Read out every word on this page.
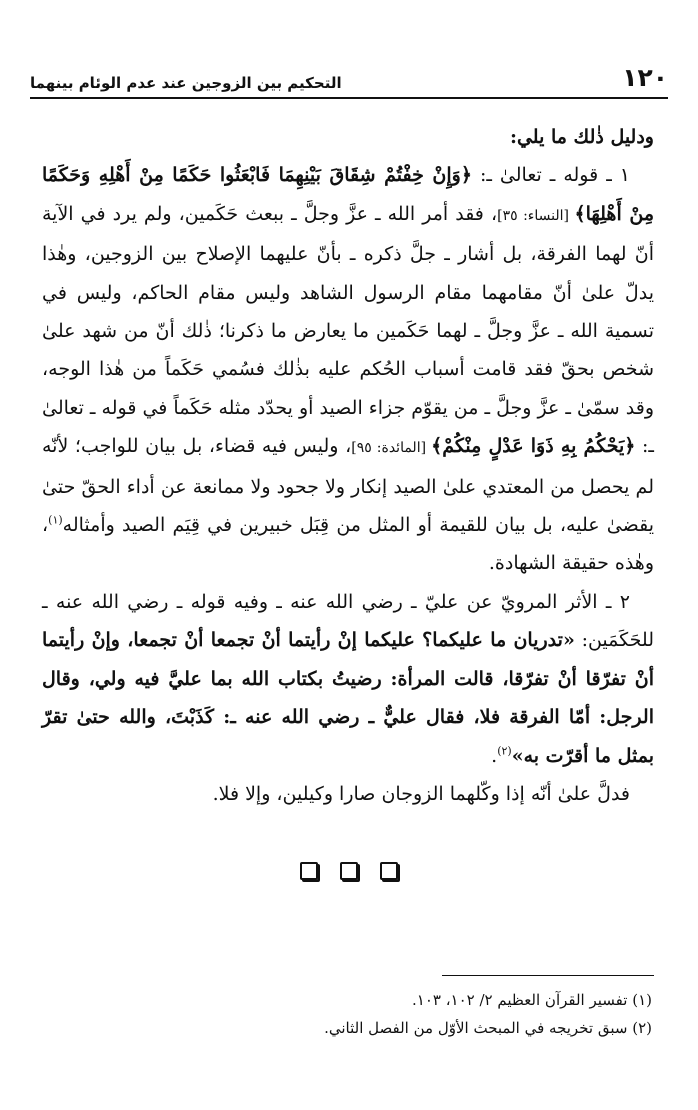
١٢٠
التحكيم بين الزوجين عند عدم الوئام بينهما

ودليل ذٰلك ما يلي:

١ ـ قوله ـ تعالىٰ ـ: ﴿وَإِنْ خِفْتُمْ شِقَاقَ بَيْنِهِمَا فَابْعَثُوا حَكَمًا مِنْ أَهْلِهِ وَحَكَمًا مِنْ أَهْلِهَا﴾ [النساء: ٣٥]، فقد أمر الله ـ عزَّ وجلَّ ـ ببعث حَكَمين، ولم يرد في الآية أنّ لهما الفرقة، بل أشار ـ جلَّ ذكره ـ بأنّ عليهما الإصلاح بين الزوجين، وهٰذا يدلّ علىٰ أنّ مقامهما مقام الرسول الشاهد وليس مقام الحاكم، وليس في تسمية الله ـ عزَّ وجلَّ ـ لهما حَكَمين ما يعارض ما ذكرنا؛ ذٰلك أنّ من شهد علىٰ شخص بحقّ فقد قامت أسباب الحُكم عليه بذٰلك فسُمي حَكَماً من هٰذا الوجه، وقد سمّىٰ ـ عزَّ وجلَّ ـ من يقوّم جزاء الصيد أو يحدّد مثله حَكَماً في قوله ـ تعالىٰ ـ: ﴿يَحْكُمُ بِهِ ذَوَا عَدْلٍ مِنْكُمْ﴾ [المائدة: ٩٥]، وليس فيه قضاء، بل بيان للواجب؛ لأنّه لم يحصل من المعتدي علىٰ الصيد إنكار ولا جحود ولا ممانعة عن أداء الحقّ حتىٰ يقضىٰ عليه، بل بيان للقيمة أو المثل من قِبَل خبيرين في قِيَم الصيد وأمثاله$^{(١)}$، وهٰذه حقيقة الشهادة.

٢ ـ الأثر المرويّ عن عليّ ـ رضي الله عنه ـ وفيه قوله ـ رضي الله عنه ـ للحَكَمَين: «تدريان ما عليكما؟ عليكما إنْ رأيتما أنْ تجمعا أنْ تجمعا، وإنْ رأيتما أنْ تفرّقا أنْ تفرّقا، قالت المرأة: رضيتُ بكتاب الله بما عليَّ فيه ولي، وقال الرجل: أمّا الفرقة فلا، فقال عليٌّ ـ رضي الله عنه ـ: كَذَبْتَ، والله حتىٰ تقرّ بمثل ما أقرّت به»$^{(٢)}$.

فدلَّ علىٰ أنّه إذا وكّلهما الزوجان صارا وكيلين، وإلا فلا.

(١) تفسير القرآن العظيم ٢/ ١٠٢، ١٠٣.

(٢) سبق تخريجه في المبحث الأوّل من الفصل الثاني.
